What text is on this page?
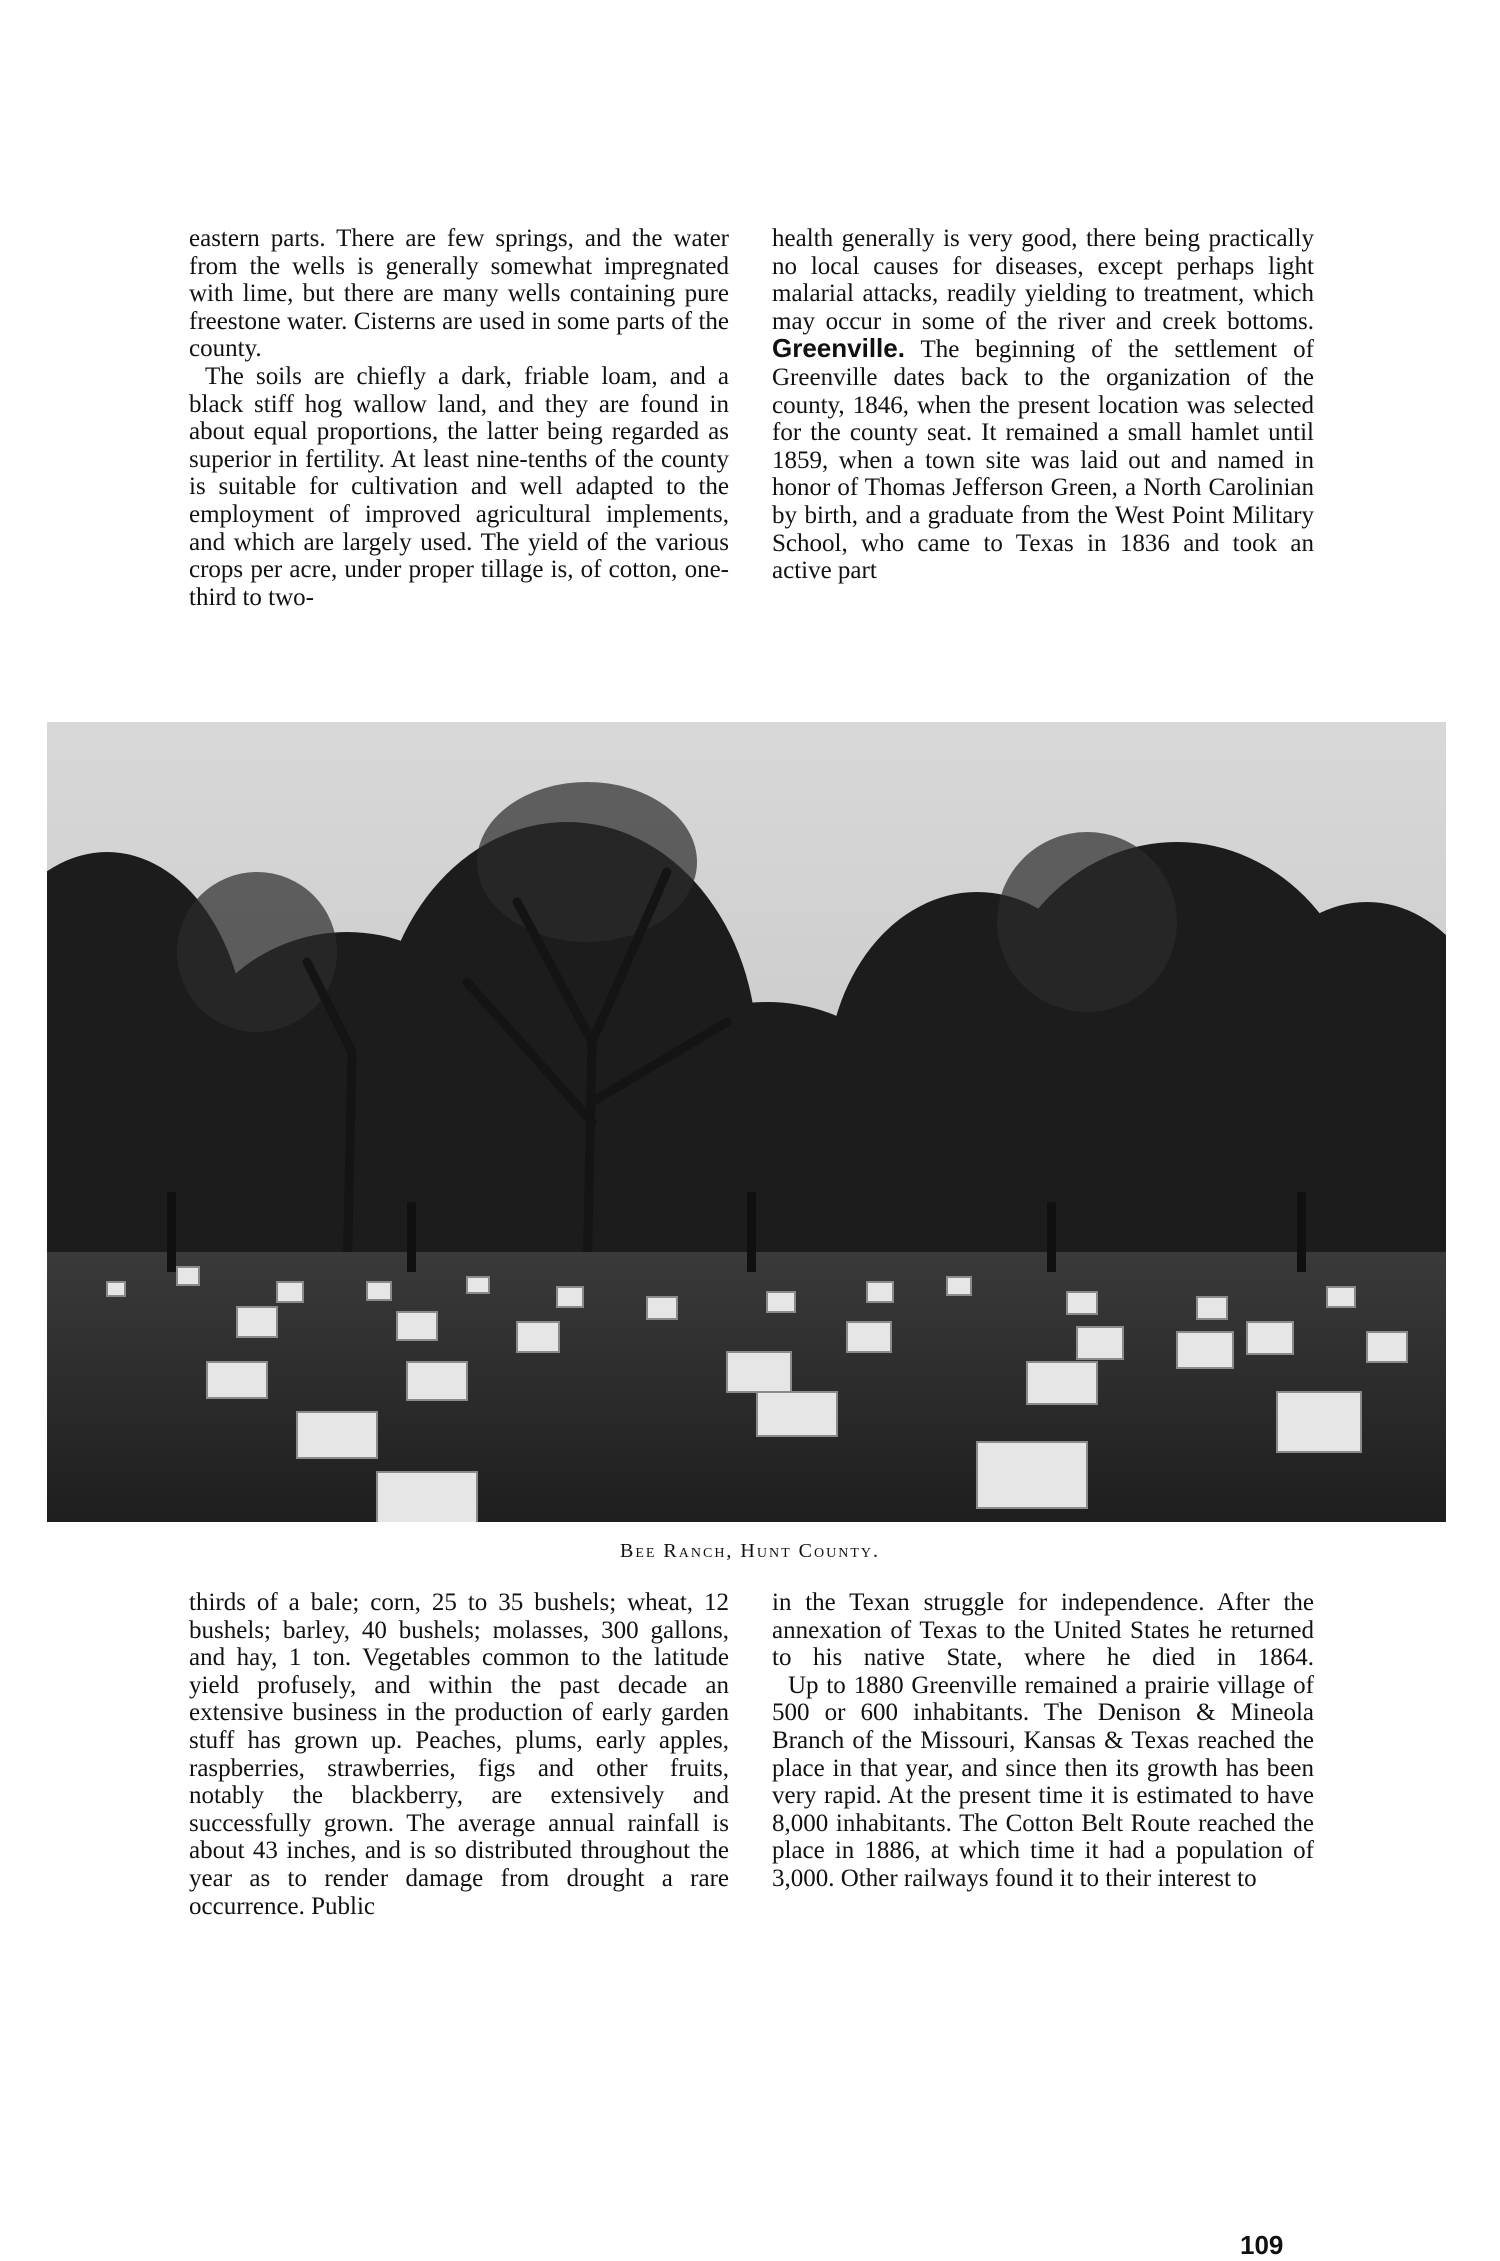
eastern parts. There are few springs, and the water from the wells is generally somewhat impregnated with lime, but there are many wells containing pure freestone water. Cisterns are used in some parts of the county.

The soils are chiefly a dark, friable loam, and a black stiff hog wallow land, and they are found in about equal proportions, the latter being regarded as superior in fertility. At least nine-tenths of the county is suitable for cultivation and well adapted to the employment of improved agricultural implements, and which are largely used. The yield of the various crops per acre, under proper tillage is, of cotton, one-third to two-

health generally is very good, there being practically no local causes for diseases, except perhaps light malarial attacks, readily yielding to treatment, which may occur in some of the river and creek bottoms.

Greenville. The beginning of the settlement of Greenville dates back to the organization of the county, 1846, when the present location was selected for the county seat. It remained a small hamlet until 1859, when a town site was laid out and named in honor of Thomas Jefferson Green, a North Carolinian by birth, and a graduate from the West Point Military School, who came to Texas in 1836 and took an active part

Bee Ranch, Hunt County.

thirds of a bale; corn, 25 to 35 bushels; wheat, 12 bushels; barley, 40 bushels; molasses, 300 gallons, and hay, 1 ton. Vegetables common to the latitude yield profusely, and within the past decade an extensive business in the production of early garden stuff has grown up. Peaches, plums, early apples, raspberries, strawberries, figs and other fruits, notably the blackberry, are extensively and successfully grown. The average annual rainfall is about 43 inches, and is so distributed throughout the year as to render damage from drought a rare occurrence. Public

in the Texan struggle for independence. After the annexation of Texas to the United States he returned to his native State, where he died in 1864.

Up to 1880 Greenville remained a prairie village of 500 or 600 inhabitants. The Denison & Mineola Branch of the Missouri, Kansas & Texas reached the place in that year, and since then its growth has been very rapid. At the present time it is estimated to have 8,000 inhabitants. The Cotton Belt Route reached the place in 1886, at which time it had a population of 3,000. Other railways found it to their interest to

109
